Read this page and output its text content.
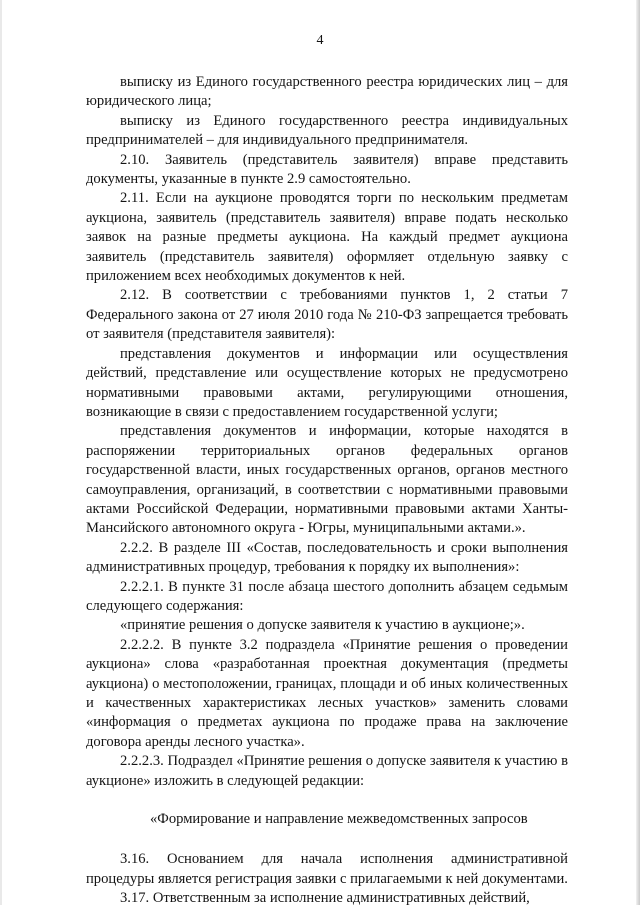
4

выписку из Единого государственного реестра юридических лиц – для юридического лица;

выписку из Единого государственного реестра индивидуальных предпринимателей – для индивидуального предпринимателя.

2.10. Заявитель (представитель заявителя) вправе представить документы, указанные в пункте 2.9 самостоятельно.

2.11. Если на аукционе проводятся торги по нескольким предметам аукциона, заявитель (представитель заявителя) вправе подать несколько заявок на разные предметы аукциона. На каждый предмет аукциона заявитель (представитель заявителя) оформляет отдельную заявку с приложением всех необходимых документов к ней.

2.12. В соответствии с требованиями пунктов 1, 2 статьи 7 Федерального закона от 27 июля 2010 года № 210-ФЗ запрещается требовать от заявителя (представителя заявителя):

представления документов и информации или осуществления действий, представление или осуществление которых не предусмотрено нормативными правовыми актами, регулирующими отношения, возникающие в связи с предоставлением государственной услуги;

представления документов и информации, которые находятся в распоряжении территориальных органов федеральных органов государственной власти, иных государственных органов, органов местного самоуправления, организаций, в соответствии с нормативными правовыми актами Российской Федерации, нормативными правовыми актами Ханты-Мансийского автономного округа - Югры, муниципальными актами.».

2.2.2. В разделе III «Состав, последовательность и сроки выполнения административных процедур, требования к порядку их выполнения»:

2.2.2.1. В пункте 31 после абзаца шестого дополнить абзацем седьмым следующего содержания:

«принятие решения о допуске заявителя к участию в аукционе;».

2.2.2.2. В пункте 3.2 подраздела «Принятие решения о проведении аукциона» слова «разработанная проектная документация (предметы аукциона) о местоположении, границах, площади и об иных количественных и качественных характеристиках лесных участков» заменить словами «информация о предметах аукциона по продаже права на заключение договора аренды лесного участка».

2.2.2.3. Подраздел «Принятие решения о допуске заявителя к участию в аукционе» изложить в следующей редакции:

«Формирование и направление межведомственных запросов

3.16. Основанием для начала исполнения административной процедуры является регистрация заявки с прилагаемыми к ней документами.

3.17. Ответственным за исполнение административных действий,
